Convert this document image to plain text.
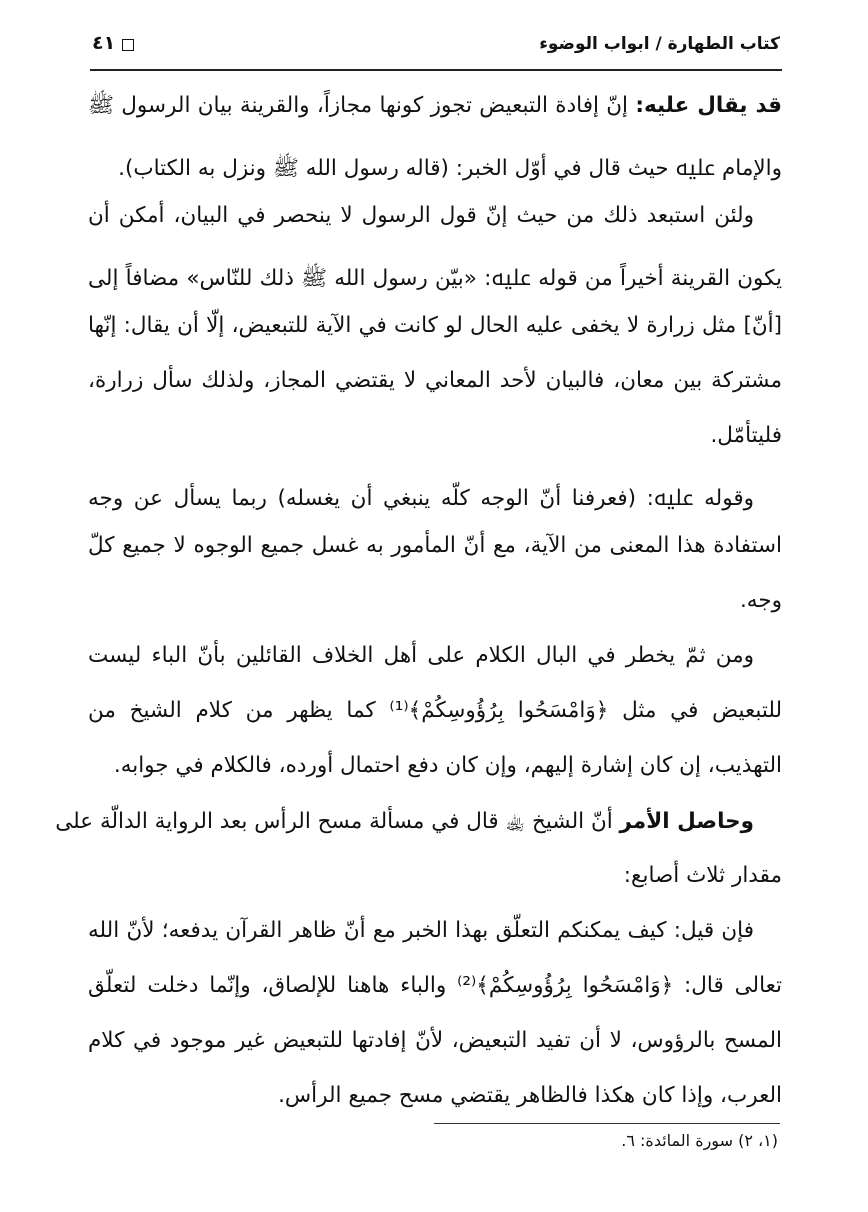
كتاب الطهارة / ابواب الوضوء
٤١
قد يقال عليه: إنّ إفادة التبعيض تجوز كونها مجازاً، والقرينة بيان الرسول ﷺ
والإمام ﷷ حيث قال في أوّل الخبر: (قاله رسول الله ﷺ ونزل به الكتاب).
ولئن استبعد ذلك من حيث إنّ قول الرسول لا ينحصر في البيان، أمكن أن
يكون القرينة أخيراً من قوله ﷷ: «بيّن رسول الله ﷺ ذلك للنّاس» مضافاً إلى
[أنّ] مثل زرارة لا يخفى عليه الحال لو كانت في الآية للتبعيض، إلّا أن يقال: إنّها
مشتركة بين معان، فالبيان لأحد المعاني لا يقتضي المجاز، ولذلك سأل زرارة،
فليتأمّل.
وقوله ﷷ: (فعرفنا أنّ الوجه كلّه ينبغي أن يغسله) ربما يسأل عن وجه
استفادة هذا المعنى من الآية، مع أنّ المأمور به غسل جميع الوجوه لا جميع كلّ
وجه.
ومن ثمّ يخطر في البال الكلام على أهل الخلاف القائلين بأنّ الباء ليست
للتبعيض في مثل ﴿وَامْسَحُوا بِرُؤُوسِكُمْ﴾⁽¹⁾ كما يظهر من كلام الشيخ من
التهذيب، إن كان إشارة إليهم، وإن كان دفع احتمال أورده، فالكلام في جوابه.
وحاصل الأمر أنّ الشيخ ﵀ قال في مسألة مسح الرأس بعد الرواية الدالّة على
مقدار ثلاث أصابع:
فإن قيل: كيف يمكنكم التعلّق بهذا الخبر مع أنّ ظاهر القرآن يدفعه؛ لأنّ الله
تعالى قال: ﴿وَامْسَحُوا بِرُؤُوسِكُمْ﴾⁽²⁾ والباء هاهنا للإلصاق، وإنّما دخلت لتعلّق
المسح بالرؤوس، لا أن تفيد التبعيض، لأنّ إفادتها للتبعيض غير موجود في كلام
العرب، وإذا كان هكذا فالظاهر يقتضي مسح جميع الرأس.
(١، ٢) سورة المائدة: ٦.
